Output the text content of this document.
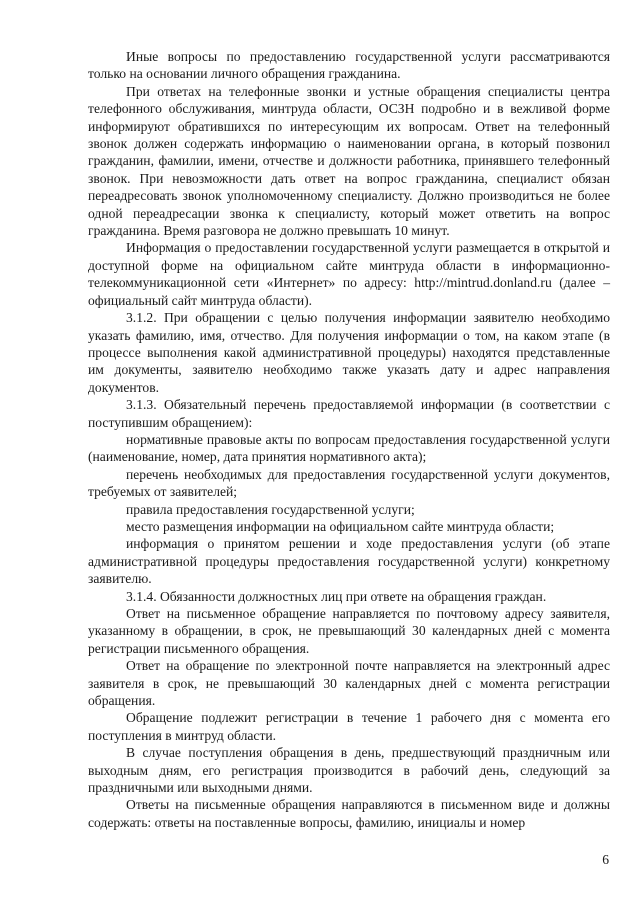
Иные вопросы по предоставлению государственной услуги рассматриваются только на основании личного обращения гражданина.

При ответах на телефонные звонки и устные обращения специалисты центра телефонного обслуживания, минтруда области, ОСЗН подробно и в вежливой форме информируют обратившихся по интересующим их вопросам. Ответ на телефонный звонок должен содержать информацию о наименовании органа, в который позвонил гражданин, фамилии, имени, отчестве и должности работника, принявшего телефонный звонок. При невозможности дать ответ на вопрос гражданина, специалист обязан переадресовать звонок уполномоченному специалисту. Должно производиться не более одной переадресации звонка к специалисту, который может ответить на вопрос гражданина. Время разговора не должно превышать 10 минут.

Информация о предоставлении государственной услуги размещается в открытой и доступной форме на официальном сайте минтруда области в информационно-телекоммуникационной сети «Интернет» по адресу: http://mintrud.donland.ru (далее – официальный сайт минтруда области).

3.1.2. При обращении с целью получения информации заявителю необходимо указать фамилию, имя, отчество. Для получения информации о том, на каком этапе (в процессе выполнения какой административной процедуры) находятся представленные им документы, заявителю необходимо также указать дату и адрес направления документов.

3.1.3. Обязательный перечень предоставляемой информации (в соответствии с поступившим обращением):

нормативные правовые акты по вопросам предоставления государственной услуги (наименование, номер, дата принятия нормативного акта);

перечень необходимых для предоставления государственной услуги документов, требуемых от заявителей;

правила предоставления государственной услуги;

место размещения информации на официальном сайте минтруда области;

информация о принятом решении и ходе предоставления услуги (об этапе административной процедуры предоставления государственной услуги) конкретному заявителю.

3.1.4. Обязанности должностных лиц при ответе на обращения граждан.

Ответ на письменное обращение направляется по почтовому адресу заявителя, указанному в обращении, в срок, не превышающий 30 календарных дней с момента регистрации письменного обращения.

Ответ на обращение по электронной почте направляется на электронный адрес заявителя в срок, не превышающий 30 календарных дней с момента регистрации обращения.

Обращение подлежит регистрации в течение 1 рабочего дня с момента его поступления в минтруд области.

В случае поступления обращения в день, предшествующий праздничным или выходным дням, его регистрация производится в рабочий день, следующий за праздничными или выходными днями.

Ответы на письменные обращения направляются в письменном виде и должны содержать: ответы на поставленные вопросы, фамилию, инициалы и номер

6
